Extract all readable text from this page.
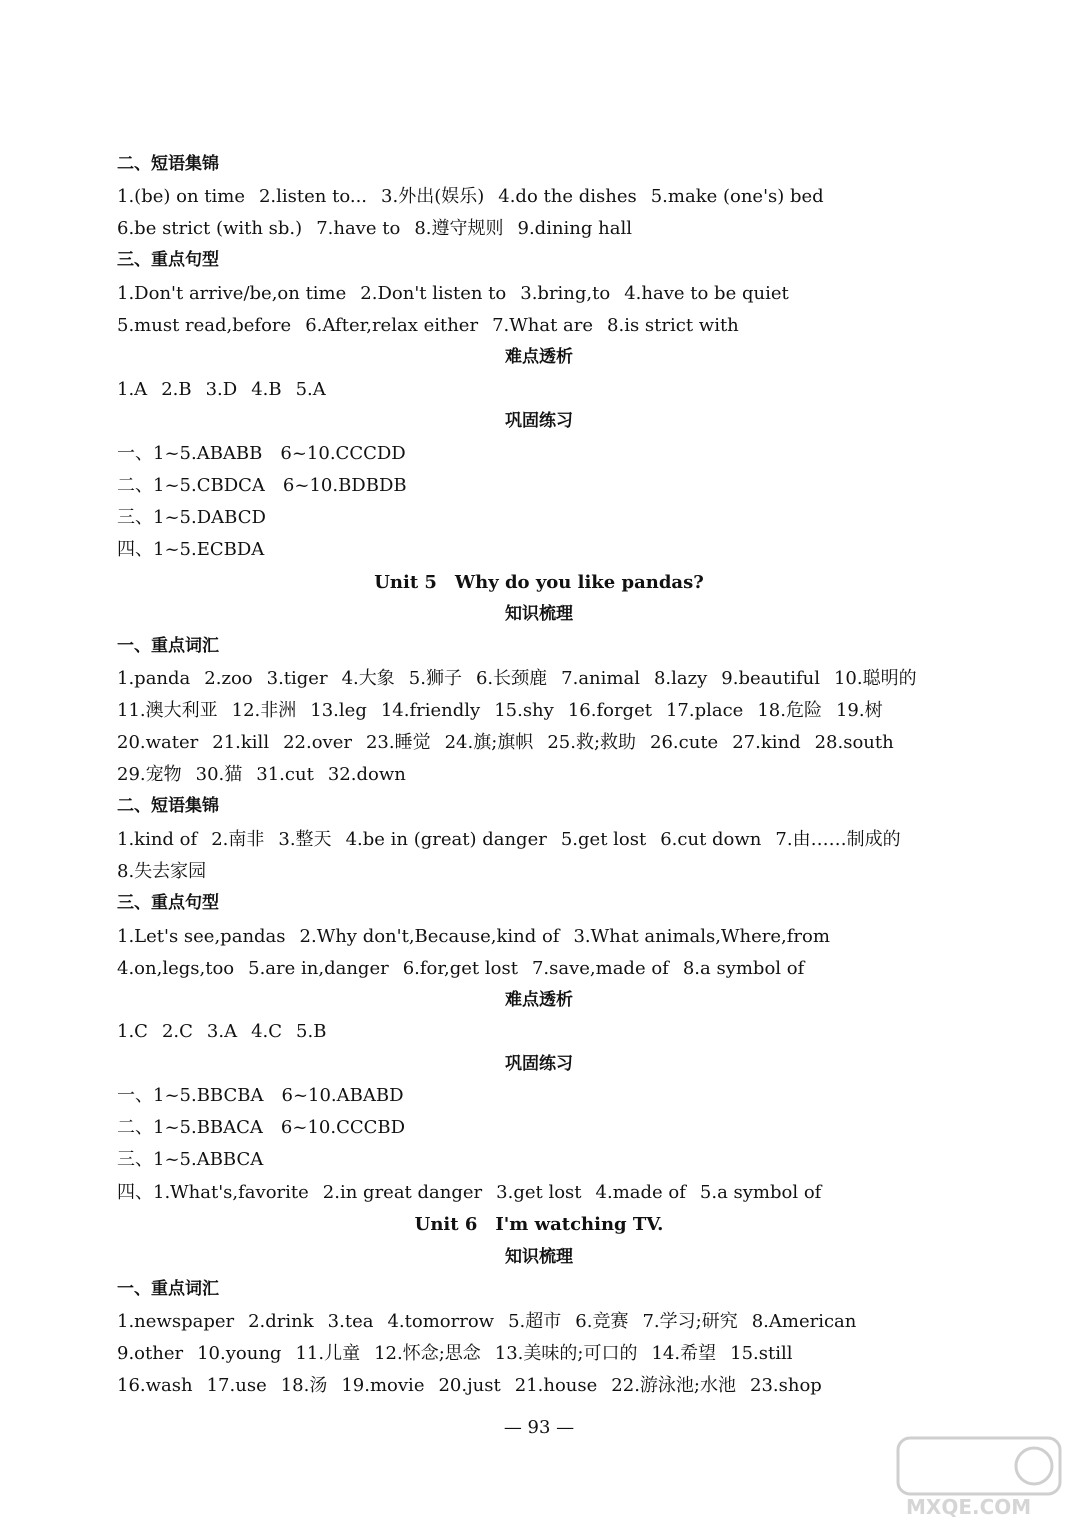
二、短语集锦
1.(be) on time 2.listen to... 3.外出(娱乐) 4.do the dishes 5.make (one's) bed
6.be strict (with sb.) 7.have to 8.遵守规则 9.dining hall
三、重点句型
1.Don't arrive/be,on time 2.Don't listen to 3.bring,to 4.have to be quiet
5.must read,before 6.After,relax either 7.What are 8.is strict with
难点透析
1.A 2.B 3.D 4.B 5.A
巩固练习
一、1~5.ABABB　6~10.CCCDD
二、1~5.CBDCA　6~10.BDBDB
三、1~5.DABCD
四、1~5.ECBDA
Unit 5　Why do you like pandas?
知识梳理
一、重点词汇
1.panda 2.zoo 3.tiger 4.大象 5.狮子 6.长颈鹿 7.animal 8.lazy 9.beautiful 10.聪明的
11.澳大利亚 12.非洲 13.leg 14.friendly 15.shy 16.forget 17.place 18.危险 19.树
20.water 21.kill 22.over 23.睡觉 24.旗;旗帜 25.救;救助 26.cute 27.kind 28.south
29.宠物 30.猫 31.cut 32.down
二、短语集锦
1.kind of 2.南非 3.整天 4.be in (great) danger 5.get lost 6.cut down 7.由……制成的
8.失去家园
三、重点句型
1.Let's see,pandas 2.Why don't,Because,kind of 3.What animals,Where,from
4.on,legs,too 5.are in,danger 6.for,get lost 7.save,made of 8.a symbol of
难点透析
1.C 2.C 3.A 4.C 5.B
巩固练习
一、1~5.BBCBA　6~10.ABABD
二、1~5.BBACA　6~10.CCCBD
三、1~5.ABBCA
四、1.What's,favorite 2.in great danger 3.get lost 4.made of 5.a symbol of
Unit 6　I'm watching TV.
知识梳理
一、重点词汇
1.newspaper 2.drink 3.tea 4.tomorrow 5.超市 6.竞赛 7.学习;研究 8.American
9.other 10.young 11.儿童 12.怀念;思念 13.美味的;可口的 14.希望 15.still
16.wash 17.use 18.汤 19.movie 20.just 21.house 22.游泳池;水池 23.shop
— 93 —
MXQE.COM
